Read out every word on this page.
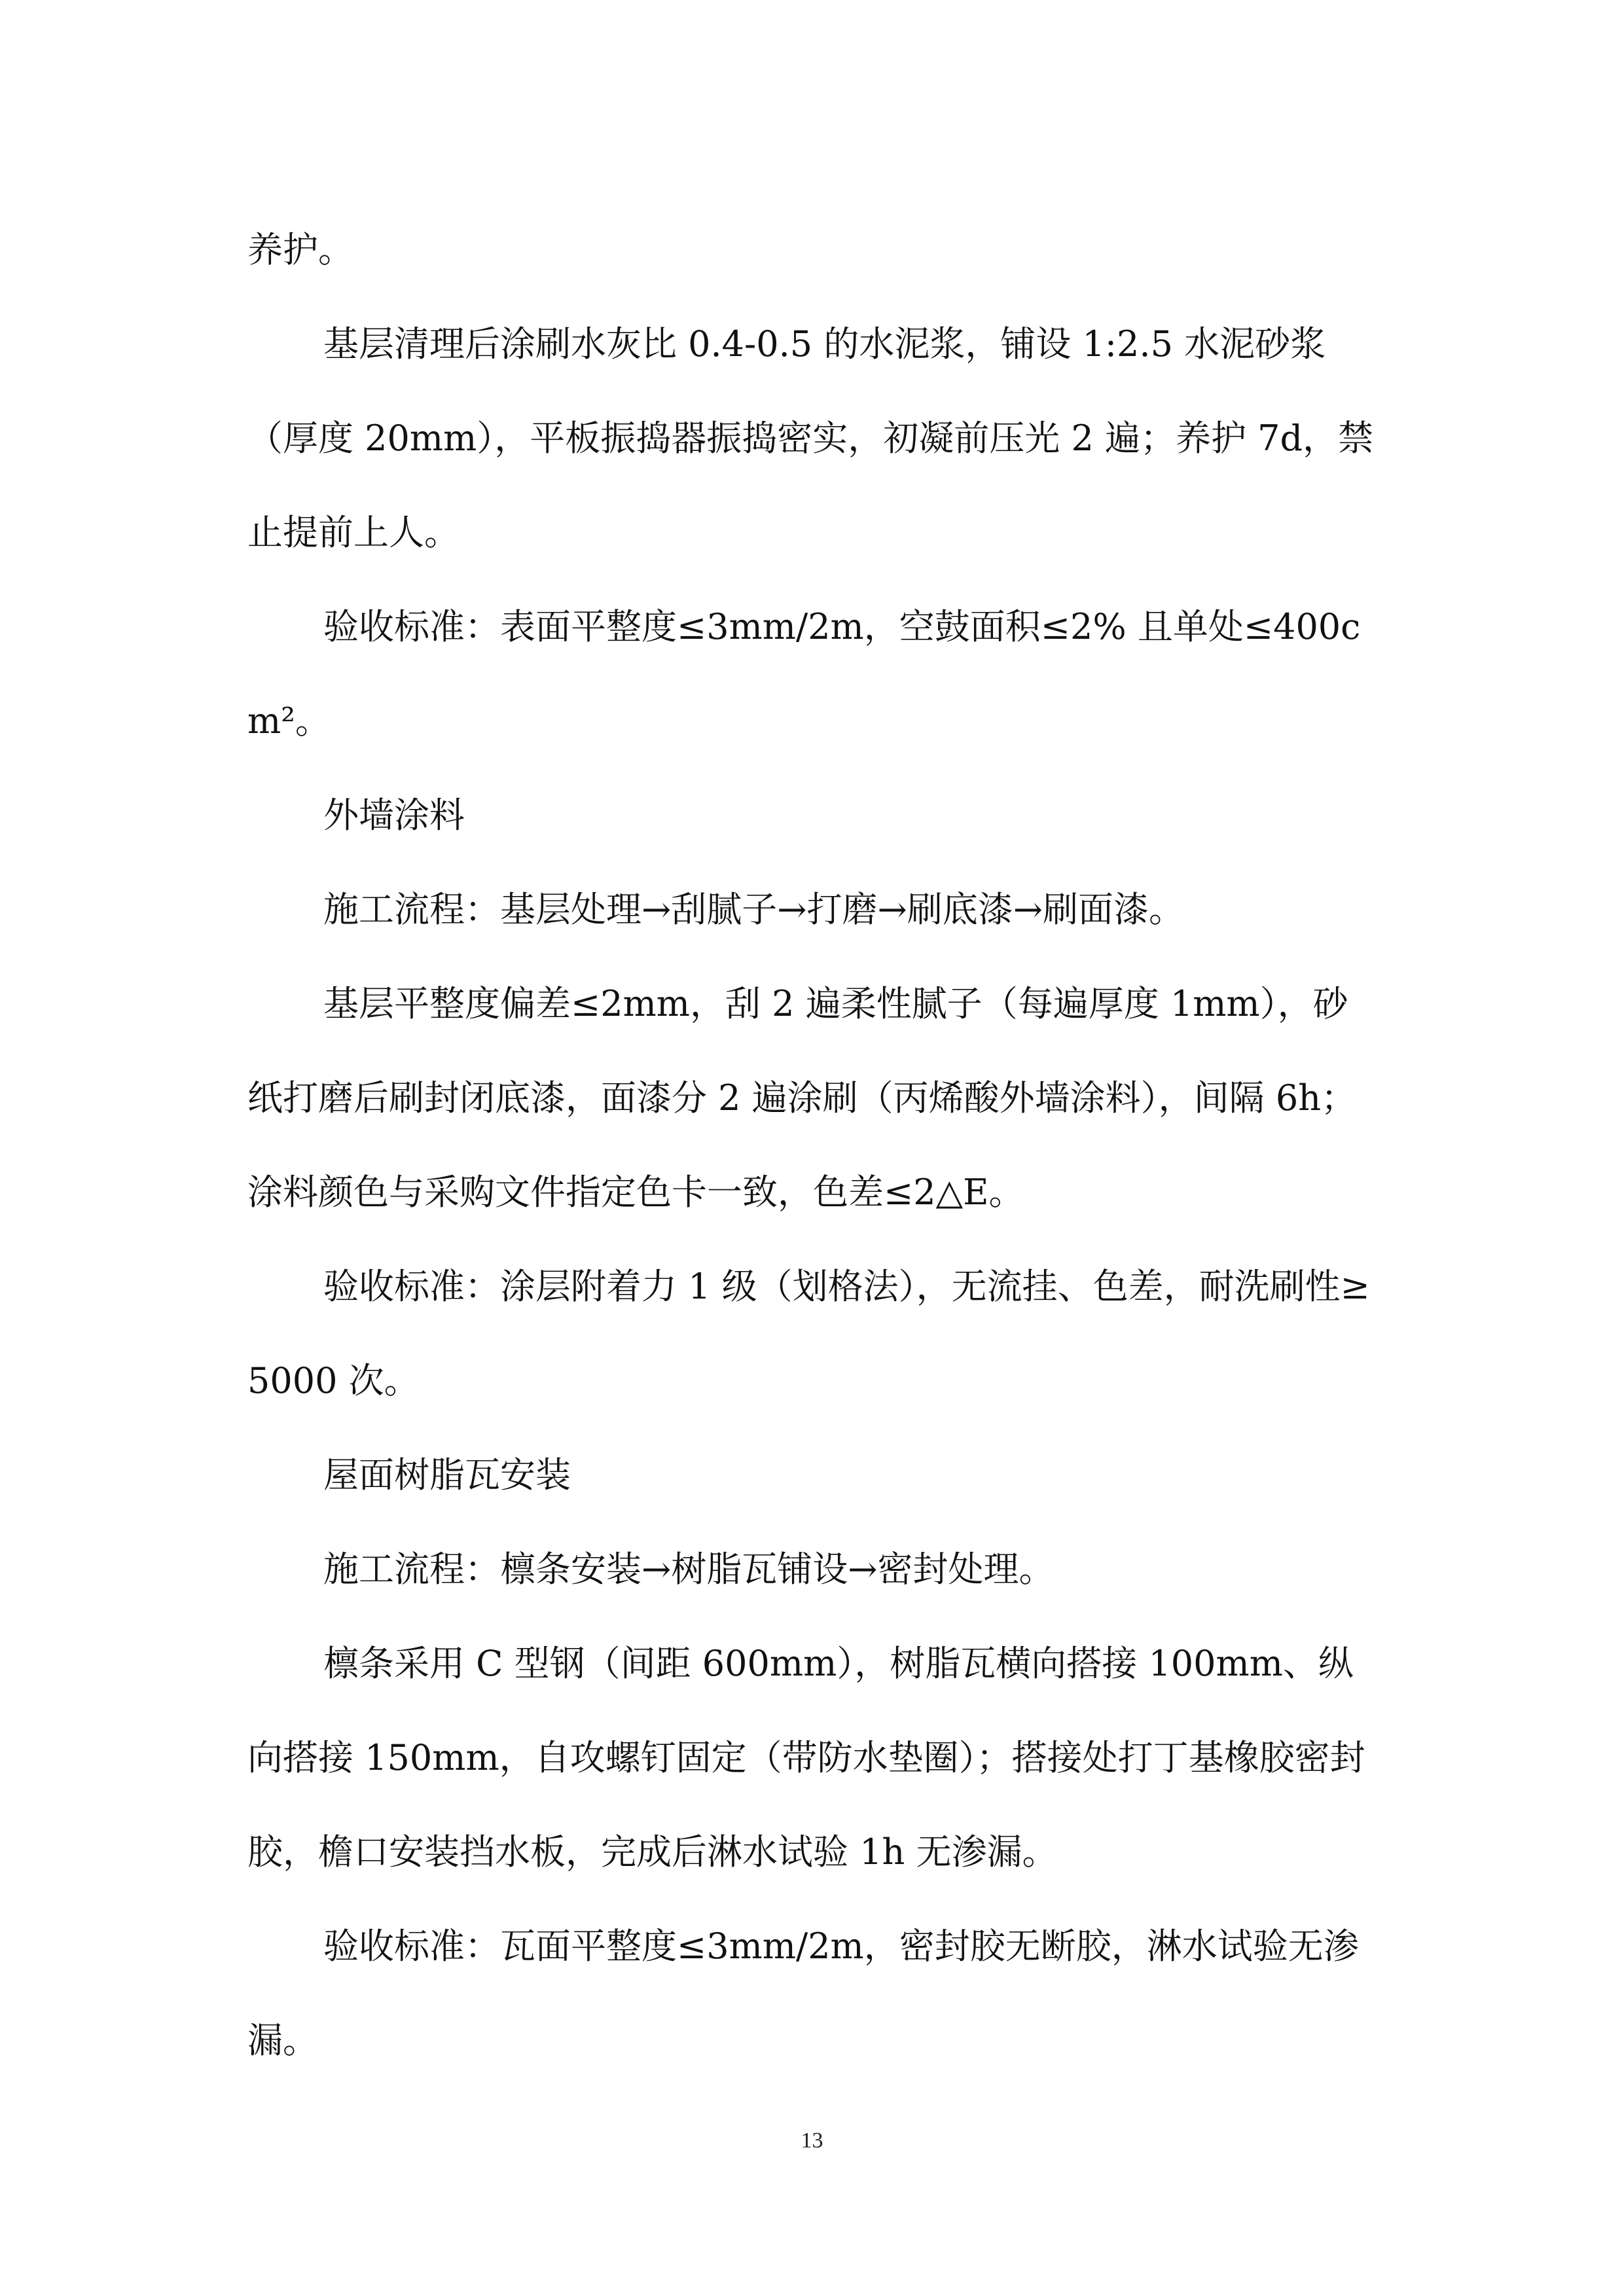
养护。

基层清理后涂刷水灰比 0.4-0.5 的水泥浆，铺设 1:2.5 水泥砂浆（厚度 20mm），平板振捣器振捣密实，初凝前压光 2 遍；养护 7d，禁止提前上人。

验收标准：表面平整度≤3mm/2m，空鼓面积≤2% 且单处≤400cm²。

外墙涂料

施工流程：基层处理→刮腻子→打磨→刷底漆→刷面漆。

基层平整度偏差≤2mm，刮 2 遍柔性腻子（每遍厚度 1mm），砂纸打磨后刷封闭底漆，面漆分 2 遍涂刷（丙烯酸外墙涂料），间隔 6h；涂料颜色与采购文件指定色卡一致，色差≤2△E。

验收标准：涂层附着力 1 级（划格法），无流挂、色差，耐洗刷性≥5000 次。

屋面树脂瓦安装

施工流程：檩条安装→树脂瓦铺设→密封处理。

檩条采用 C 型钢（间距 600mm），树脂瓦横向搭接 100mm、纵向搭接 150mm，自攻螺钉固定（带防水垫圈）；搭接处打丁基橡胶密封胶，檐口安装挡水板，完成后淋水试验 1h 无渗漏。

验收标准：瓦面平整度≤3mm/2m，密封胶无断胶，淋水试验无渗漏。

13
